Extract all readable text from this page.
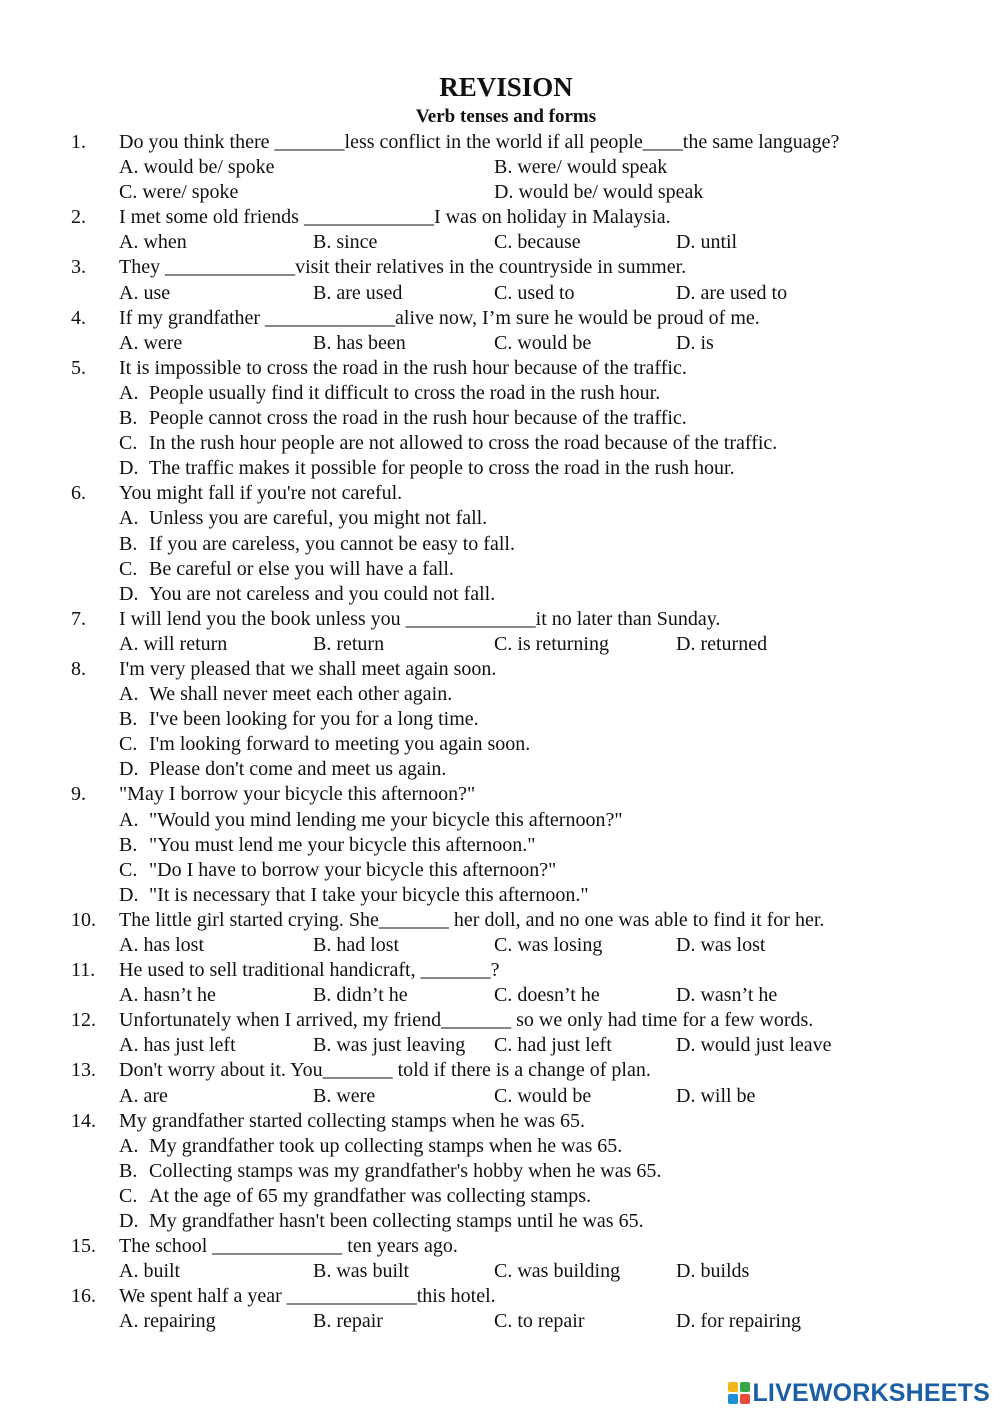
REVISION
Verb tenses and forms
1. Do you think there _______less conflict in the world if all people____the same language?
A. would be/ spoke	B. were/ would speak
C. were/ spoke	D. would be/ would speak
2. I met some old friends _____________I was on holiday in Malaysia.
A. when	B. since	C. because	D. until
3. They _____________visit their relatives in the countryside in summer.
A. use	B. are used	C. used to	D. are used to
4. If my grandfather _____________alive now, I’m sure he would be proud of me.
A. were	B. has been	C. would be	D. is
5. It is impossible to cross the road in the rush hour because of the traffic.
A. People usually find it difficult to cross the road in the rush hour.
B. People cannot cross the road in the rush hour because of the traffic.
C. In the rush hour people are not allowed to cross the road because of the traffic.
D. The traffic makes it possible for people to cross the road in the rush hour.
6. You might fall if you're not careful.
A. Unless you are careful, you might not fall.
B. If you are careless, you cannot be easy to fall.
C. Be careful or else you will have a fall.
D. You are not careless and you could not fall.
7. I will lend you the book unless you _____________it no later than Sunday.
A. will return	B. return	C. is returning	D. returned
8. I'm very pleased that we shall meet again soon.
A. We shall never meet each other again.
B. I've been looking for you for a long time.
C. I'm looking forward to meeting you again soon.
D. Please don't come and meet us again.
9. "May I borrow your bicycle this afternoon?"
A. "Would you mind lending me your bicycle this afternoon?"
B. "You must lend me your bicycle this afternoon."
C. "Do I have to borrow your bicycle this afternoon?"
D. "It is necessary that I take your bicycle this afternoon."
10. The little girl started crying. She_______ her doll, and no one was able to find it for her.
A. has lost	B. had lost	C. was losing	D. was lost
11. He used to sell traditional handicraft, _______?
A. hasn’t he	B. didn’t he	C. doesn’t he	D. wasn’t he
12. Unfortunately when I arrived, my friend_______ so we only had time for a few words.
A. has just left	B. was just leaving C. had just left	D. would just leave
13. Don't worry about it. You_______ told if there is a change of plan.
A. are	B. were	C. would be	D. will be
14. My grandfather started collecting stamps when he was 65.
A. My grandfather took up collecting stamps when he was 65.
B. Collecting stamps was my grandfather's hobby when he was 65.
C. At the age of 65 my grandfather was collecting stamps.
D. My grandfather hasn't been collecting stamps until he was 65.
15. The school _____________ ten years ago.
A. built	B. was built	C. was building	D. builds
16. We spent half a year _____________this hotel.
A. repairing	B. repair	C. to repair	D. for repairing
LIVEWORKSHEETS
